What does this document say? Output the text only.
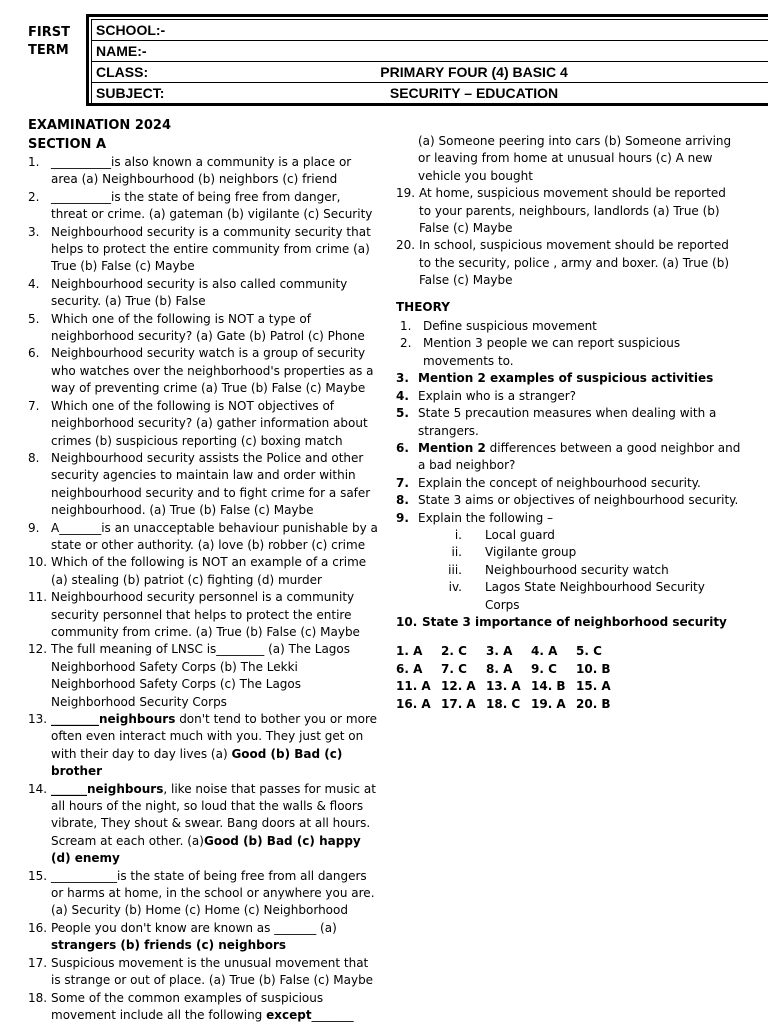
FIRST TERM
SCHOOL:-
NAME:-
CLASS:	PRIMARY FOUR (4) BASIC 4
SUBJECT:	SECURITY – EDUCATION
EXAMINATION 2024
SECTION A
1. __________is also known a community is a place or area (a) Neighbourhood (b) neighbors (c) friend
2. __________is the state of being free from danger, threat or crime. (a) gateman (b) vigilante (c) Security
3. Neighbourhood security is a community security that helps to protect the entire community from crime (a) True (b) False (c) Maybe
4. Neighbourhood security is also called community security. (a) True (b) False
5. Which one of the following is NOT a type of neighborhood security? (a) Gate (b) Patrol (c) Phone
6. Neighbourhood security watch is a group of security who watches over the neighborhood's properties as a way of preventing crime (a) True (b) False (c) Maybe
7. Which one of the following is NOT objectives of neighborhood security? (a) gather information about crimes (b) suspicious reporting (c) boxing match
8. Neighbourhood security assists the Police and other security agencies to maintain law and order within neighbourhood security and to fight crime for a safer neighbourhood. (a) True (b) False (c) Maybe
9. A_______is an unacceptable behaviour punishable by a state or other authority. (a) love (b) robber (c) crime
10. Which of the following is NOT an example of a crime (a) stealing (b) patriot (c) fighting (d) murder
11. Neighbourhood security personnel is a community security personnel that helps to protect the entire community from crime. (a) True (b) False (c) Maybe
12. The full meaning of LNSC is________ (a) The Lagos Neighborhood Safety Corps (b) The Lekki Neighborhood Safety Corps (c) The Lagos Neighborhood Security Corps
13. ________neighbours don't tend to bother you or more often even interact much with you. They just get on with their day to day lives (a) Good (b) Bad (c) brother
14. ______neighbours, like noise that passes for music at all hours of the night, so loud that the walls & floors vibrate, They shout & swear. Bang doors at all hours. Scream at each other. (a)Good (b) Bad (c) happy (d) enemy
15. ___________is the state of being free from all dangers or harms at home, in the school or anywhere you are. (a) Security (b) Home (c) Home (c) Neighborhood
16. People you don't know are known as _______ (a) strangers (b) friends (c) neighbors
17. Suspicious movement is the unusual movement that is strange or out of place. (a) True (b) False (c) Maybe
18. Some of the common examples of suspicious movement include all the following except_______
(a) Someone peering into cars (b) Someone arriving or leaving from home at unusual hours (c) A new vehicle you bought
19. At home, suspicious movement should be reported to your parents, neighbours, landlords (a) True (b) False (c) Maybe
20. In school, suspicious movement should be reported to the security, police , army and boxer. (a) True (b) False (c) Maybe
THEORY
1. Define suspicious movement
2. Mention 3 people we can report suspicious movements to.
3. Mention 2 examples of suspicious activities
4. Explain who is a stranger?
5. State 5 precaution measures when dealing with a strangers.
6. Mention 2 differences between a good neighbor and a bad neighbor?
7. Explain the concept of neighbourhood security.
8. State 3 aims or objectives of neighbourhood security.
9. Explain the following –
i. Local guard
ii. Vigilante group
iii. Neighbourhood security watch
iv. Lagos State Neighbourhood Security Corps
10. State 3 importance of neighborhood security
1. A 2. C 3. A 4. A 5. C
6. A 7. C 8. A 9. C 10. B
11. A 12. A 13. A 14. B 15. A
16. A 17. A 18. C 19. A 20. B
